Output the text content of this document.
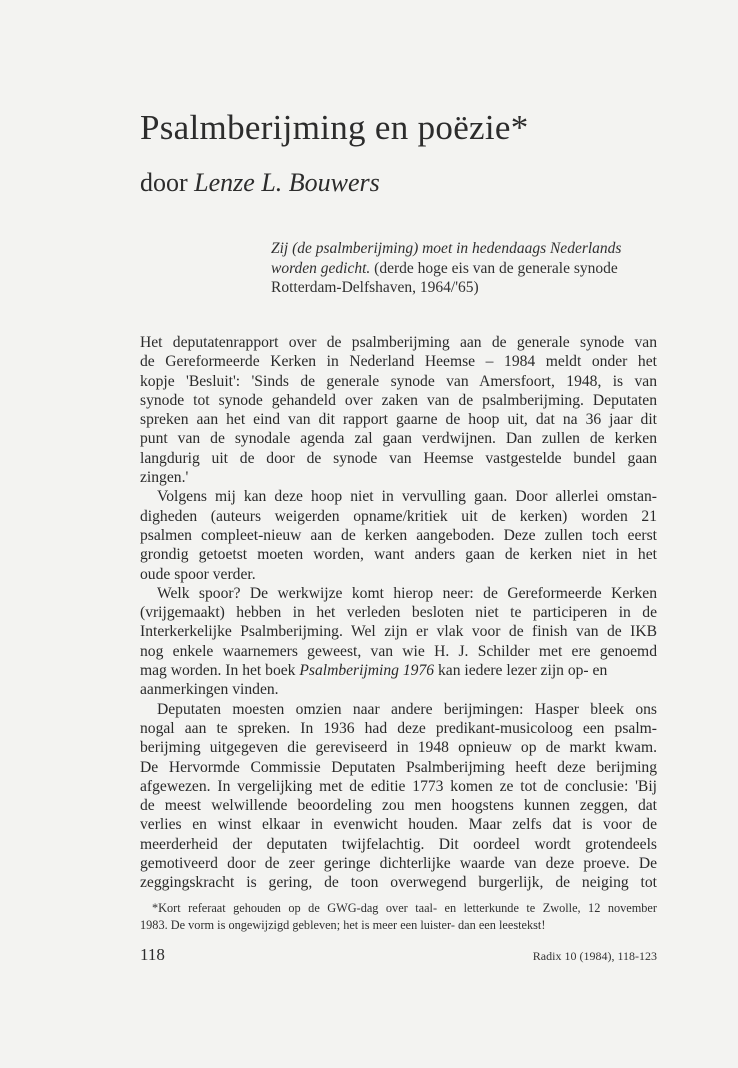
Psalmberijming en poëzie*
door Lenze L. Bouwers
Zij (de psalmberijming) moet in hedendaags Nederlands
worden gedicht. (derde hoge eis van de generale synode
Rotterdam-Delfshaven, 1964/'65)
Het deputatenrapport over de psalmberijming aan de generale synode van
de Gereformeerde Kerken in Nederland Heemse – 1984 meldt onder het
kopje 'Besluit': 'Sinds de generale synode van Amersfoort, 1948, is van
synode tot synode gehandeld over zaken van de psalmberijming. Deputaten
spreken aan het eind van dit rapport gaarne de hoop uit, dat na 36 jaar dit
punt van de synodale agenda zal gaan verdwijnen. Dan zullen de kerken
langdurig uit de door de synode van Heemse vastgestelde bundel gaan
zingen.'
Volgens mij kan deze hoop niet in vervulling gaan. Door allerlei omstan-
digheden (auteurs weigerden opname/kritiek uit de kerken) worden 21
psalmen compleet-nieuw aan de kerken aangeboden. Deze zullen toch eerst
grondig getoetst moeten worden, want anders gaan de kerken niet in het
oude spoor verder.
Welk spoor? De werkwijze komt hierop neer: de Gereformeerde Kerken
(vrijgemaakt) hebben in het verleden besloten niet te participeren in de
Interkerkelijke Psalmberijming. Wel zijn er vlak voor de finish van de IKB
nog enkele waarnemers geweest, van wie H. J. Schilder met ere genoemd
mag worden. In het boek Psalmberijming 1976 kan iedere lezer zijn op- en
aanmerkingen vinden.
Deputaten moesten omzien naar andere berijmingen: Hasper bleek ons
nogal aan te spreken. In 1936 had deze predikant-musicoloog een psalm-
berijming uitgegeven die gereviseerd in 1948 opnieuw op de markt kwam.
De Hervormde Commissie Deputaten Psalmberijming heeft deze berijming
afgewezen. In vergelijking met de editie 1773 komen ze tot de conclusie: 'Bij
de meest welwillende beoordeling zou men hoogstens kunnen zeggen, dat
verlies en winst elkaar in evenwicht houden. Maar zelfs dat is voor de
meerderheid der deputaten twijfelachtig. Dit oordeel wordt grotendeels
gemotiveerd door de zeer geringe dichterlijke waarde van deze proeve. De
zeggingskracht is gering, de toon overwegend burgerlijk, de neiging tot
*Kort referaat gehouden op de GWG-dag over taal- en letterkunde te Zwolle, 12 november
1983. De vorm is ongewijzigd gebleven; het is meer een luister- dan een leestekst!
118	Radix 10 (1984), 118-123
